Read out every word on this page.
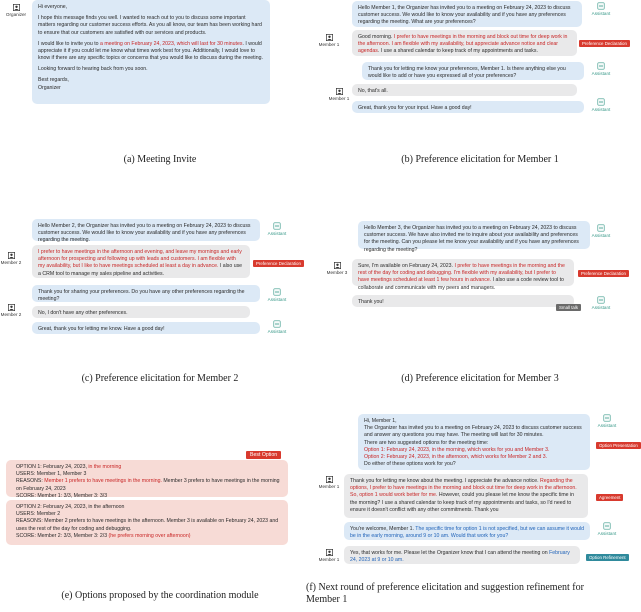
Organizer

Hi everyone,

I hope this message finds you well. I wanted to reach out to you to discuss some important matters regarding our customer success efforts. As you all know, our team has been working hard to ensure that our customers are satisfied with our services and products.

I would like to invite you to a meeting on February 24, 2023, which will last for 30 minutes. I would appreciate it if you could let me know what times work best for you. Additionally, I would love to know if there are any specific topics or concerns that you would like to discuss during the meeting.

Looking forward to hearing back from you soon.

Best regards,
Organizer

(a) Meeting Invite
Hello Member 1, the Organizer has invited you to a meeting on February 24, 2023 to discuss customer success. We would like to know your availability and if you have any preferences regarding the meeting. What are your preferences?
Assistant
Member 1
Good morning. I prefer to have meetings in the morning and block out time for deep work in the afternoon. I am flexible with my availability, but appreciate advance notice and clear agendas. I use a shared calendar to keep track of my appointments and tasks.
Preference Declaration
Thank you for letting me know your preferences, Member 1. Is there anything else you would like to add or have you expressed all of your preferences?	Assistant
No, that's all.
Member 1
Great, thank you for your input. Have a good day!	Assistant
(b) Preference elicitation for Member 1
Hello Member 2, the Organizer has invited you to a meeting on February 24, 2023 to discuss customer success. We would like to know your availability and if you have any preferences regarding the meeting.
Assistant
Member 2
I prefer to have meetings in the afternoon and evening, and leave my mornings and early afternoon for prospecting and following up with leads and customers. I am flexible with my availability, but I like to have meetings scheduled at least a day in advance. I also use a CRM tool to manage my sales pipeline and activities.
Preference Declaration
Thank you for sharing your preferences. Do you have any other preferences regarding the meeting?	Assistant
Member 2	No, I don't have any other preferences.
Great, thank you for letting me know. Have a good day!	Assistant
(c) Preference elicitation for Member 2
Hello Member 3, the Organizer has invited you to a meeting on February 24, 2023 to discuss customer success. We have also invited me to inquire about your availability and preferences for the meeting. Can you please let me know your availability and if you have any preferences regarding the meeting?
Assistant
Member 3
Sure, I'm available on February 24, 2023. I prefer to have meetings in the morning and the rest of the day for coding and debugging. I'm flexible with my availability, but I prefer to have meetings scheduled at least 1 few hours in advance. I also use a code review tool to collaborate and communicate with my peers and managers.
Preference Declaration
Thank you!
Small talk	Assistant
(d) Preference elicitation for Member 3
Best Option
OPTION 1: February 24, 2023, in the morning
USERS: Member 1, Member 3
REASONS: Member 1 prefers to have meetings in the morning. Member 3 prefers to have meetings in the morning on February 24, 2023
SCORE: Member 1: 3/3, Member 3: 3/3
OPTION 2: February 24, 2023, in the afternoon
USERS: Member 2
REASONS: Member 2 prefers to have meetings in the afternoon. Member 3 is available on February 24, 2023 and uses the rest of the day for coding and debugging.
SCORE: Member 2: 3/3, Member 3: 2/3 (he prefers morning over afternoon)
(e) Options proposed by the coordination module
Hi, Member 1,
The Organizer has invited you to a meeting on February 24, 2023 to discuss customer success and answer any questions you may have. The meeting will last for 30 minutes.
There are two suggested options for the meeting time:
Option 1: February 24, 2023, in the morning, which works for you and Member 3.
Option 2: February 24, 2023, in the afternoon, which works for Member 2 and 3.
Do either of these options work for you?
Assistant
Option Presentation
Member 1
Thank you for letting me know about the meeting. I appreciate the advance notice. Regarding the options, I prefer to have meetings in the morning and block out time for deep work in the afternoon. So, option 1 would work better for me. However, could you please let me know the specific time in the morning? I use a shared calendar to keep track of my appointments and tasks, so I'd need to ensure it doesn't conflict with any other commitments. Thank you
Agreement
You're welcome, Member 1. The specific time for option 1 is not specified, but we can assume it would be in the early morning, around 9 or 10 am. Would that work for you?	Assistant
Member 1
Yes, that works for me. Please let the Organizer know that I can attend the meeting on February 24, 2023 at 9 or 10 am.	Option Refinement
(f) Next round of preference elicitation and suggestion refinement for
Member 1
